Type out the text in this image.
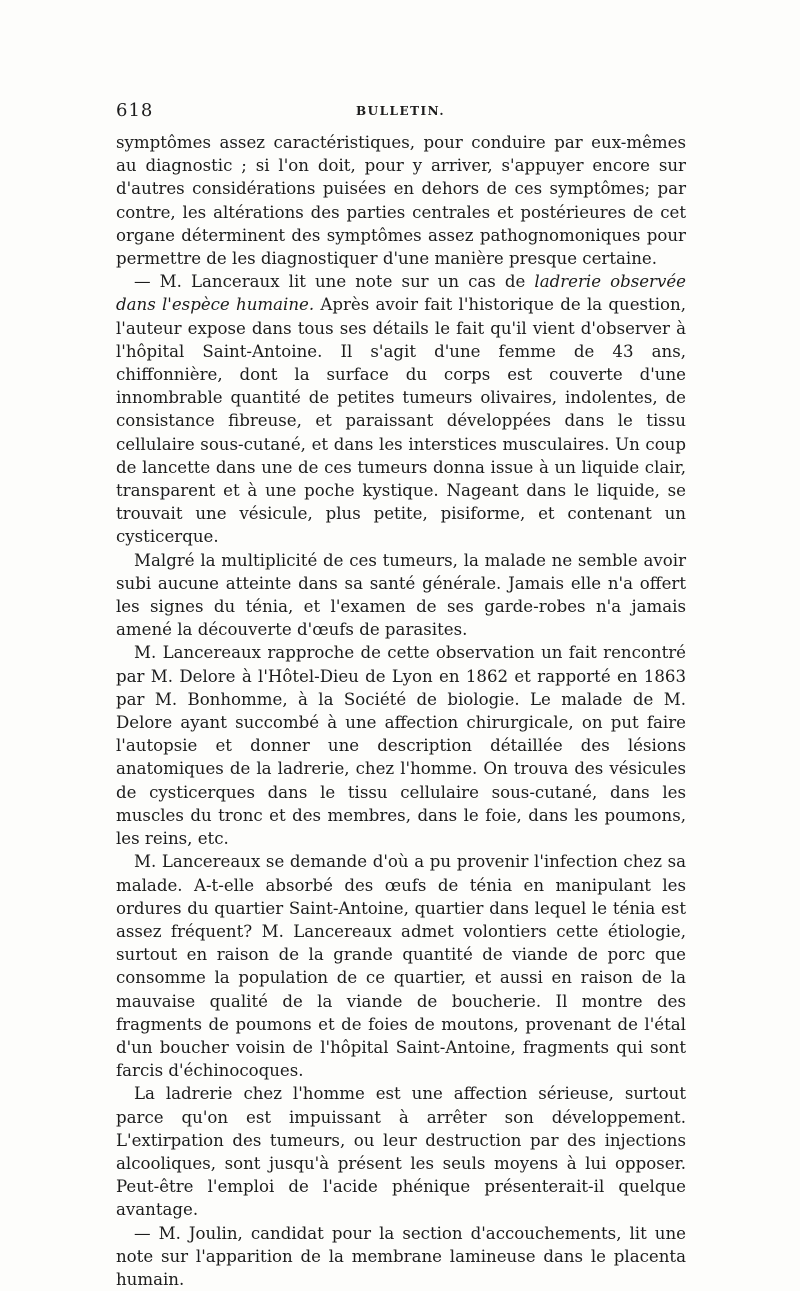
618	BULLETIN.

symptômes assez caractéristiques, pour conduire par eux-mêmes au diagnostic ; si l'on doit, pour y arriver, s'appuyer encore sur d'autres considérations puisées en dehors de ces symptômes; par contre, les altérations des parties centrales et postérieures de cet organe déterminent des symptômes assez pathognomoniques pour permettre de les diagnostiquer d'une manière presque certaine.

— M. Lanceraux lit une note sur un cas de ladrerie observée dans l'espèce humaine. Après avoir fait l'historique de la question, l'auteur expose dans tous ses détails le fait qu'il vient d'observer à l'hôpital Saint-Antoine. Il s'agit d'une femme de 43 ans, chiffonnière, dont la surface du corps est couverte d'une innombrable quantité de petites tumeurs olivaires, indolentes, de consistance fibreuse, et paraissant développées dans le tissu cellulaire sous-cutané, et dans les interstices musculaires. Un coup de lancette dans une de ces tumeurs donna issue à un liquide clair, transparent et à une poche kystique. Nageant dans le liquide, se trouvait une vésicule, plus petite, pisiforme, et contenant un cysticerque.

Malgré la multiplicité de ces tumeurs, la malade ne semble avoir subi aucune atteinte dans sa santé générale. Jamais elle n'a offert les signes du ténia, et l'examen de ses garde-robes n'a jamais amené la découverte d'œufs de parasites.

M. Lancereaux rapproche de cette observation un fait rencontré par M. Delore à l'Hôtel-Dieu de Lyon en 1862 et rapporté en 1863 par M. Bonhomme, à la Société de biologie. Le malade de M. Delore ayant succombé à une affection chirurgicale, on put faire l'autopsie et donner une description détaillée des lésions anatomiques de la ladrerie, chez l'homme. On trouva des vésicules de cysticerques dans le tissu cellulaire sous-cutané, dans les muscles du tronc et des membres, dans le foie, dans les poumons, les reins, etc.

M. Lancereaux se demande d'où a pu provenir l'infection chez sa malade. A-t-elle absorbé des œufs de ténia en manipulant les ordures du quartier Saint-Antoine, quartier dans lequel le ténia est assez fréquent? M. Lancereaux admet volontiers cette étiologie, surtout en raison de la grande quantité de viande de porc que consomme la population de ce quartier, et aussi en raison de la mauvaise qualité de la viande de boucherie. Il montre des fragments de poumons et de foies de moutons, provenant de l'étal d'un boucher voisin de l'hôpital Saint-Antoine, fragments qui sont farcis d'échinocoques.

La ladrerie chez l'homme est une affection sérieuse, surtout parce qu'on est impuissant à arrêter son développement. L'extirpation des tumeurs, ou leur destruction par des injections alcooliques, sont jusqu'à présent les seuls moyens à lui opposer. Peut-être l'emploi de l'acide phénique présenterait-il quelque avantage.

— M. Joulin, candidat pour la section d'accouchements, lit une note sur l'apparition de la membrane lamineuse dans le placenta humain.
